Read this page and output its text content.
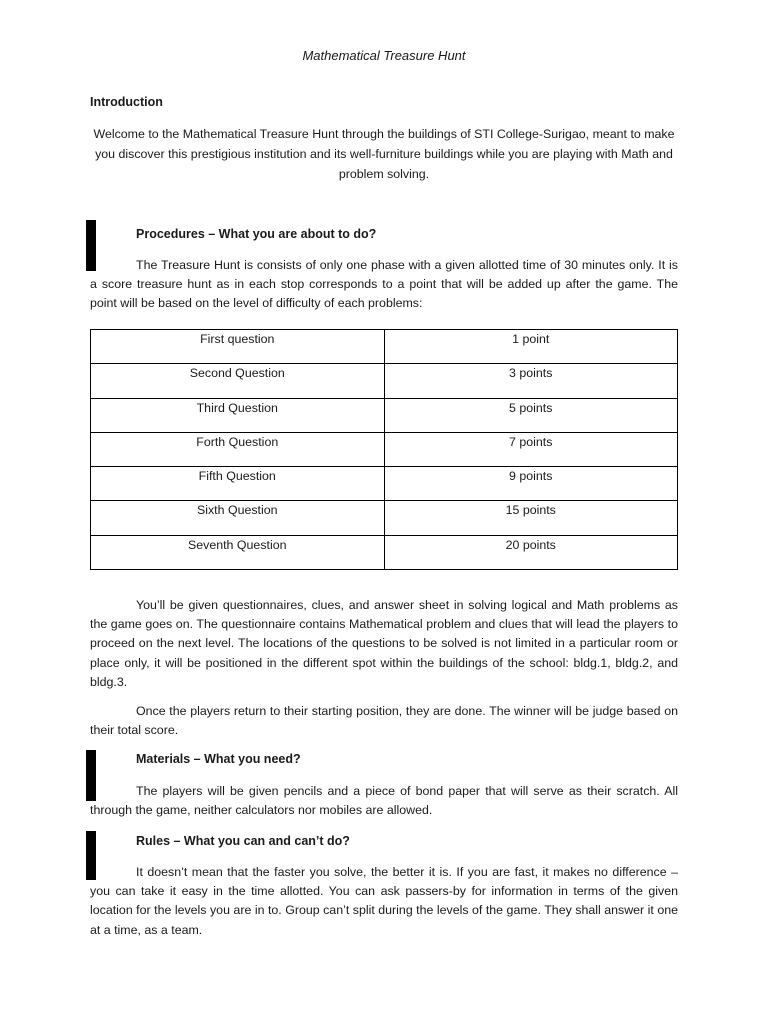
Mathematical Treasure Hunt
Introduction
Welcome to the Mathematical Treasure Hunt through the buildings of STI College-Surigao, meant to make you discover this prestigious institution and its well-furniture buildings while you are playing with Math and problem solving.
Procedures – What you are about to do?
The Treasure Hunt is consists of only one phase with a given allotted time of 30 minutes only. It is a score treasure hunt as in each stop corresponds to a point that will be added up after the game. The point will be based on the level of difficulty of each problems:
First question	1 point
Second Question	3 points
Third Question	5 points
Forth Question	7 points
Fifth Question	9 points
Sixth Question	15 points
Seventh Question	20 points
You’ll be given questionnaires, clues, and answer sheet in solving logical and Math problems as the game goes on. The questionnaire contains Mathematical problem and clues that will lead the players to proceed on the next level. The locations of the questions to be solved is not limited in a particular room or place only, it will be positioned in the different spot within the buildings of the school: bldg.1, bldg.2, and bldg.3.
Once the players return to their starting position, they are done. The winner will be judge based on their total score.
Materials – What you need?
The players will be given pencils and a piece of bond paper that will serve as their scratch. All through the game, neither calculators nor mobiles are allowed.
Rules – What you can and can’t do?
It doesn’t mean that the faster you solve, the better it is. If you are fast, it makes no difference – you can take it easy in the time allotted. You can ask passers-by for information in terms of the given location for the levels you are in to. Group can’t split during the levels of the game. They shall answer it one at a time, as a team.
